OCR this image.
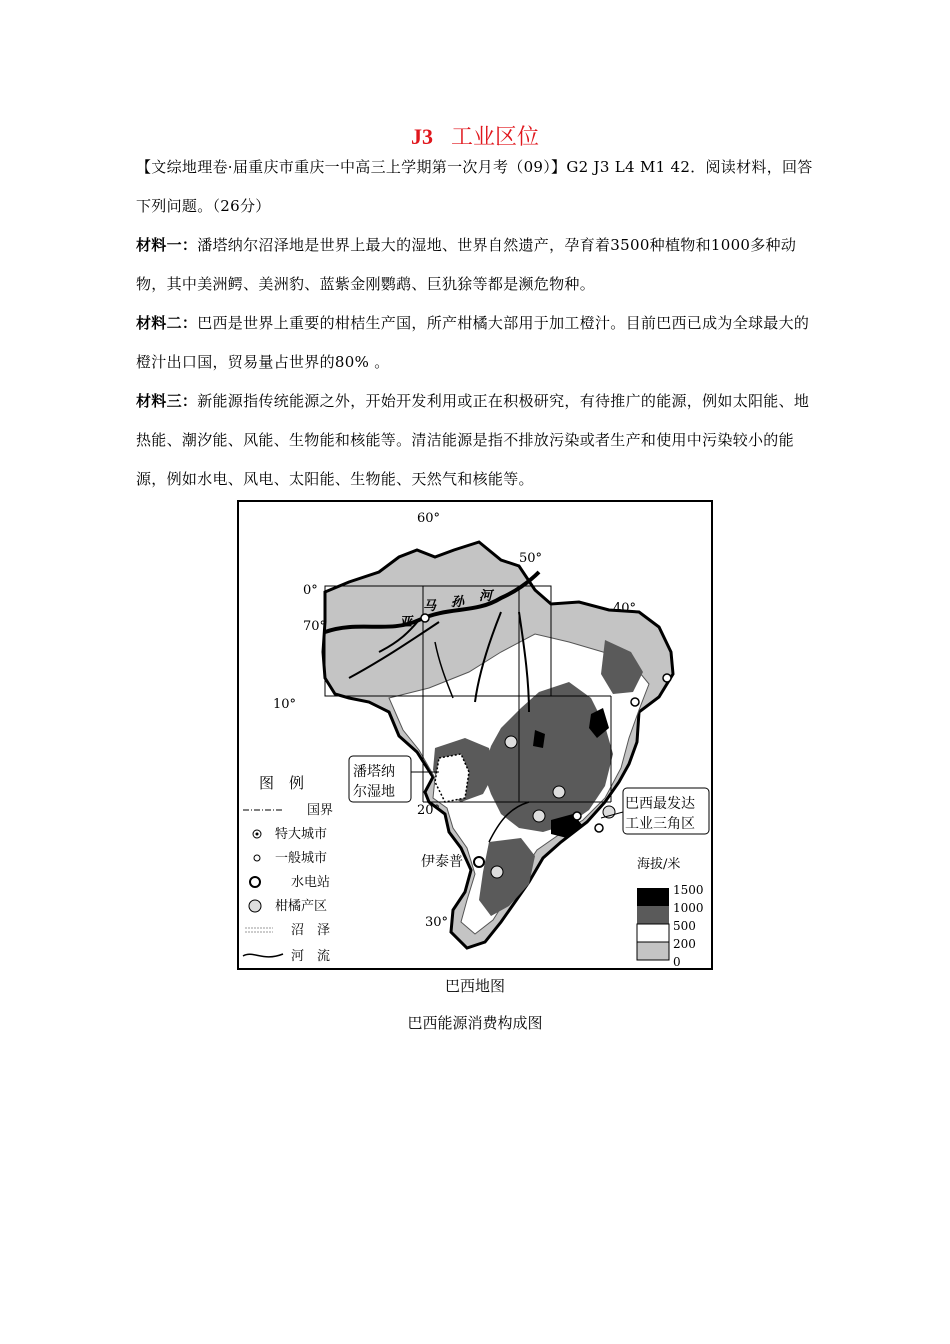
J3 工业区位
【文综地理卷·届重庆市重庆一中高三上学期第一次月考（09）】G2 J3 L4 M1 42．阅读材料，回答下列问题。（26分）
材料一：潘塔纳尔沼泽地是世界上最大的湿地、世界自然遗产，孕育着3500种植物和1000多种动物，其中美洲鳄、美洲豹、蓝紫金刚鹦鹉、巨犰狳等都是濒危物种。
材料二：巴西是世界上重要的柑桔生产国，所产柑橘大部用于加工橙汁。目前巴西已成为全球最大的橙汁出口国，贸易量占世界的80% 。
材料三：新能源指传统能源之外，开始开发利用或正在积极研究，有待推广的能源，例如太阳能、地热能、潮汐能、风能、生物能和核能等。清洁能源是指不排放污染或者生产和使用中污染较小的能源，例如水电、风电、太阳能、生物能、天然气和核能等。
60°
50°
40°
0°
70°
10°
20°
30°
亚
马 孙 河
潘塔纳
尔湿地
巴西最发达
工业三角区
伊泰普
图　例
国界
特大城市
一般城市
水电站
柑橘产区
沼　泽
河　流
海拔/米
1500
1000
500
200
0
巴西地图
巴西能源消费构成图
